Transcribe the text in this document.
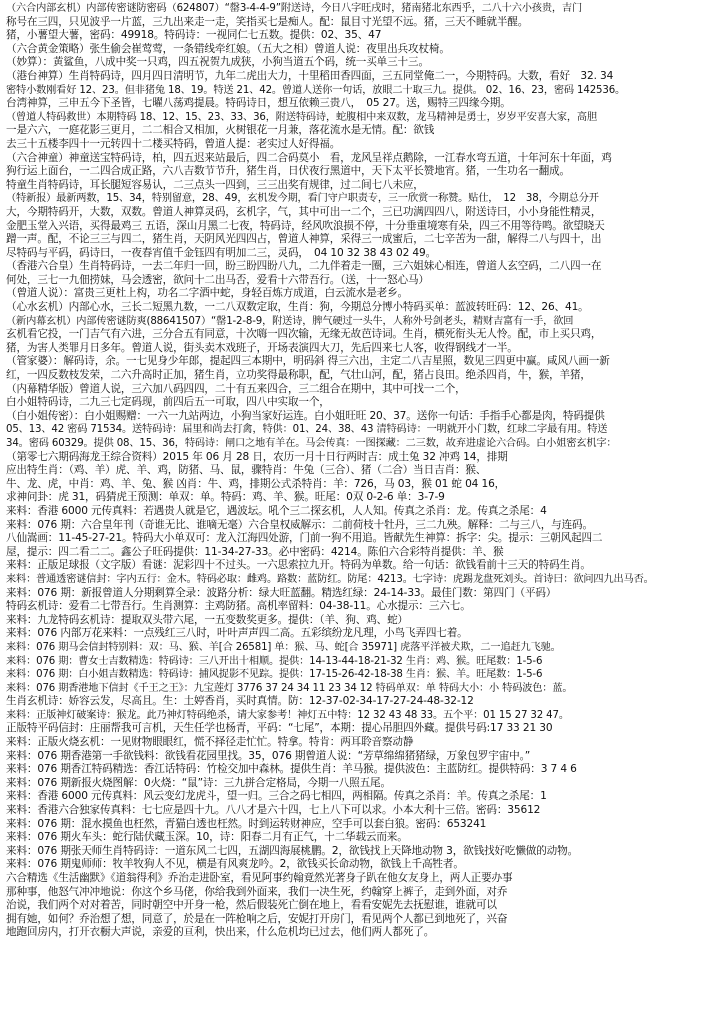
（六合内部玄机）内部传密谜防密码（624807）“罄3-4-4-9”附送诗，今日八字旺戌时，猪南猪北东西乎，二八十六小孩贵，吉门

称号在三四，只见波乎一片蓝，三九出来走一走，笑指买七是痴人。配：鼠目寸光望不远。猪，三天不睡就半醒。

猪，小薯望大薯，密码：49918。特码诗：一视同仁七五数。提供：02、35、47

（六合黄金策略）张生偷会崔莺莺，一条错线牵红娘。（五大之相）曾道人说：夜里出兵攻杖椅。

（妙算）：黄鲨鱼，八成中奖一只鸡，四五祝贺九成狭，小狗当道五个码，统一买单三十三。

（港台神算）生肖特码诗，四月四日清明节，九年二虎出大力，十里稻田香四面，三五同堂俺二一，今期特码。大数，看好　32. 34

密特小数刚看好 12、23。但非猪兔 18、19。特送 21、42。曾道人送你一句话，放眼二十取三九。提供。 02、16、23，密码 142536。

台湾神算，三申五今下圣皆，七曜八荡鸡提晨。特码诗日，想互依赖三贵八，　05 27。送，赐特三四缘今期。

（曾道人特码救世）本期特码 18、12、15、23、33、36，附送特码诗，蛇腹相中来双数，龙马精神是勇士，岁岁平安喜大家，高胆

一是六六，一庭花影三更月，二二相合又相加，火树银花一月兼，落花流水是无情。配：欲钱

去三十五楼李四十一元转四十二楼买特码，曾道人提：老实过人好得福。

（六合神童）神童送宝特码诗，柏，四五迟来站最后，四二合码莫小　看，龙风呈祥点鹅除，一江春水弯五道，十年河东十年面，鸡

狗行运上面台，一二四合成正路，六八吉数节节升，猪生肖，日伏夜行黑道中，天下太平长赞地宵。猪，一生功名一翻成。

特童生肖特码诗，耳长腿短容易认，二三点头一四到，三三出奖有规律，过二间七八未应，

（特新报）最新两数，15、34，特别留意，28、49，玄机发今期，看门守户职责专，三一欣赏一称赞。贴仕，　12　38，今期总分开

大，今期特码开，大数，双数。曾道人神算灵码，玄机字，气，其中可出一二个，三已功满四四八，附送诗曰，小小身能性精灵，

金肥玉堂入兴语，买得最鸡三 五语，深山月黑二七夜，特码诗，经风吹浪损不停，十分垂重境寒有朵，四三不用等待鸣。欲望晓天

蹭一声。配，不论三三与四二，猪生肖，天阴风光四四占，曾道人神算，采得三一成蜜后，二七辛苦为一甜，解得二八与四十，出

尽特码与平码，码诗曰，一夜春宵值千金钰四有明加二三，灵码，　04 10 32 38 43 02 49。

（香港六合皇）生肖特码诗，一去二年归一回，盼三盼四盼八九，二九伴着走一圈，三六姐妹心相连，曾道人玄空码，二八四一在

何处，三七一九佃捞妹，马会透密，欲问十二出马否，爱看十六带吾行。（送，十一怒心马）

（曾道人说）：富贵三更杜上构，功名二字酒中蛇，身轻百炼方成道，白云流水是老乡。

（心水玄机）内部心水，三长二短黑九数，一二八双数定取，生肖：狗，今期总分博小特码买单：蓝波转旺码：12、26、41。

（新内幕玄机）内部传密谜防爽(88641507）“罄1-2-8-9，附送诗，脾气硬过一头牛，人称外号剑老头，精财吉富有一手，欲回

玄机看它投，一门吉气有六进，三分合五有同意，十次嗨一四次输，无缘无故芭诗词。生肖，横死衔头无人怜。配，市上买只鸡，

猪，为害人类罪月日多年。曾道人说，街头卖木戏班子，开场表演四大刀，先后四来七人客，收得钢线才一半。

（管家婆）：解码诗，余。一七见身少年郎，提起四三本期中，明码斜 得三六出，主定二八吉星照，数见三四更中赢。咸风八画一新

红，一四反数枝发荣，二六升高时正加，猪生肖，立功奖得最称职，配，气壮山河，配，猪占良田。绝杀四肖，牛，猴，羊猪，

（内幕精华版）曾道人说，三六加八码四四，二十有五来四合，三二组合在期中，其中可找一二个，

白小姐特码诗，二九三七定码现，前四后五一可取，四八中实取一个，

（白小姐传密）：白小姐赐赠：一六一九站两边，小狗当家好运连。白小姐旺旺 20、37。送你一句话：手指手心都是肉，特码提供

05、13、42 密码 71534。送特码诗：届里和尚去打禽，特供：01、24、38、43 清特码诗：一明就开小门数，红球二字最有用。特送

34。密码 60329。提供 08、15、36，特码诗：闸口之地有羊在。马会传真：一图探藏：二三数，故弃进虚论六合码。白小姐密玄机字：

（第零七六期码海龙王综合资料）2015 年 06 月 28 日，农历一月十日行两时吉：成土兔 32 冲鸡 14，排期

应出特生肖：（鸡、羊）虎、羊、鸡，防猪、马、鼠，骤特肖：牛兔（三合）、猪（二合）当日吉肖：猴、

牛、龙、虎，中肖：鸡、羊、兔、猴 凶肖：牛、鸡，排期公式杀特肖：羊：726，马 03，猴 01 蛇 04 16，

求神问卦：虎 31，码猜虎王预测：单双：单。特码：鸡、羊、猴。旺尾：0双 0-2-6 单：3-7-9

来料：香港 6000 元传真料：若遇贵人就是它，遇波坛。吼个三二探玄机，人人知。传真之杀肖：龙。传真之杀尾：4

来料：076 期：六合皇年刊（奇谁无比、谁嘀无毫）六合皇权威解示：二前荷枝十牡丹，三二九殃。解释：二与三八，与连码。

八仙嵩画：11-45-27-21。特码大小单双可：龙入江海四处游，门前一狗不用追。皆献先生神算：拆字：尖。提示：三朝风起四二

屋，提示：四二看二二。鑫公子旺码提供：11-34-27-33。必中密码：4214。陈伯六合彩特肖提供：羊、猴

来料：正版足球报（文字版）看谜：泥彩四十不过头。一六思索拉九开。特码为单数。给一句话：欲钱看前十三天的特码生肖。

来料：普通透密谜信封：字内五行：金木。特码必取：雌鸡。路数：蓝防红。防尾：4213。七字诗：虎踢龙盘死刘头。首诗曰：欲问四九出马否。

来料：076 期：新报曾道人分期剩算全录：波路分析：绿大旺蓝翻。精选红绿：24-14-33。最佳门数：第四门（平码）

特码玄机诗：爱看二七带吾行。生肖测算：主鸡防猪。高机率留料：04-38-11。心水提示：三六七。

来料：九龙特码玄机诗：提取双头带六尾，一五变数奖更多。提供：（羊、狗、鸡、蛇）

来料：076 内部万花来料：一点残红三八时，叶叶声声四二高。五彩缤纷龙凡理，小鸟飞弄四七着。

来料：076 期马会信封特别料：双：马、猴、羊[合 26581] 单：猴、马、蛇[合 35971] 虎落平洋被犬欺，二一追赶九飞驰。

来料：076 期：曹女士吉数精选：特码诗：三八开出十相顺。提供：14-13-44-18-21-32 生肖：鸡、猴。旺尾数：1-5-6

来料：076 期：白小姐吉数精选：特码诗：捕风捉影不见踪。提供：17-15-26-42-18-38 生肖：猴、羊。旺尾数：1-5-6

来料：076 期香港地下信封《千王之王》：九宝莲灯 3776 37 24 34 11 23 34 12 特码单双：单 特码大小：小 特码波色：蓝。

生肖玄机诗：娇容云发，尽高且。生：土婷香肖，买时真情。防：12-37-02-34-17-27-24-48-32-12

来料：正版神灯破案诗：猴龙。此乃神灯特码绝杀，请大家参考！神灯五中特：12 32 43 48 33。五个平：01 15 27 32 47。

正版特平码信封：庄丽帮我可言机，天生任学也杨青，平码：“七尾”，本期：提心吊胆四外藏。提供号码:17 33 21 30

来料：正版火烧玄机：一见财物眼眼红，慌不择径走忙忙。特拿。特肯：两耳聆音察动静

来料：076 期香港第一手欲钱料：欲钱看花园里找。35，076 期曾道人说：“芳草绵绵猪猪绿，万象包罗宇宙中。”

来料：076 期香江特码精选：香江话特码：竹检交加中森林。提供生肖：羊马猴。提供波色：主蓝防红。提供特码：3 7 4 6

来料：076 期新报火烧图解：0火烧：“鼠”诗：三九拼合定格局，今期一八照五尾。

来料：香港 6000 元传真料：风云变幻龙虎斗，望一归。三合之码七相四，两相隔。传真之杀肖：羊。传真之杀尾：1

来料：香港六合独家传真料：七七应是四十九。八八才是六十四，七上八下可以求。小本大利十三倍。密码：35612

来料：076 期：混水摸鱼也枉然，青猫白透也枉然。时到运转财神应，空手可以套白狼。密码：653241

来料：076 期火车头：蛇行陆伏藏玉深。10，诗：阳春二月有正气，十二华载云而来。

来料：076 期张天师生肖特码诗：一道东风二七四，五湖四海展桃鹏。2，欲钱找上天降地动物 3，欲钱找好吃懒做的动物。

来料：076 期鬼师师：牧羊牧狗人不见，横是有风爽龙吟。2，欲钱买长命动物，欲钱上千高牲者。

六合精选《生活幽默》《道翁得利》乔治走进卧室，看见阿事约翰竟然光著身子趴在他女友身上，两人正要办事

那种事，他怒气冲冲地说：你这个乡马佬，你给我到外面来，我们一决生死，约翰穿上裤子，走到外面，对乔

治说，我们两个对对着苦，同时朝空中开身一枪，然后假装死亡倒在地上，看看安妮先去抚慰谁，谁就可以

拥有她，如何？乔治想了想，同意了，於是在一阵枪响之后，安妮打开房门，看见两个人都已到地死了，兴奋

地跑回房内，打开衣橱大声说，亲爱的亘利，快出来，什么危机均已过去，他们两人都死了。
